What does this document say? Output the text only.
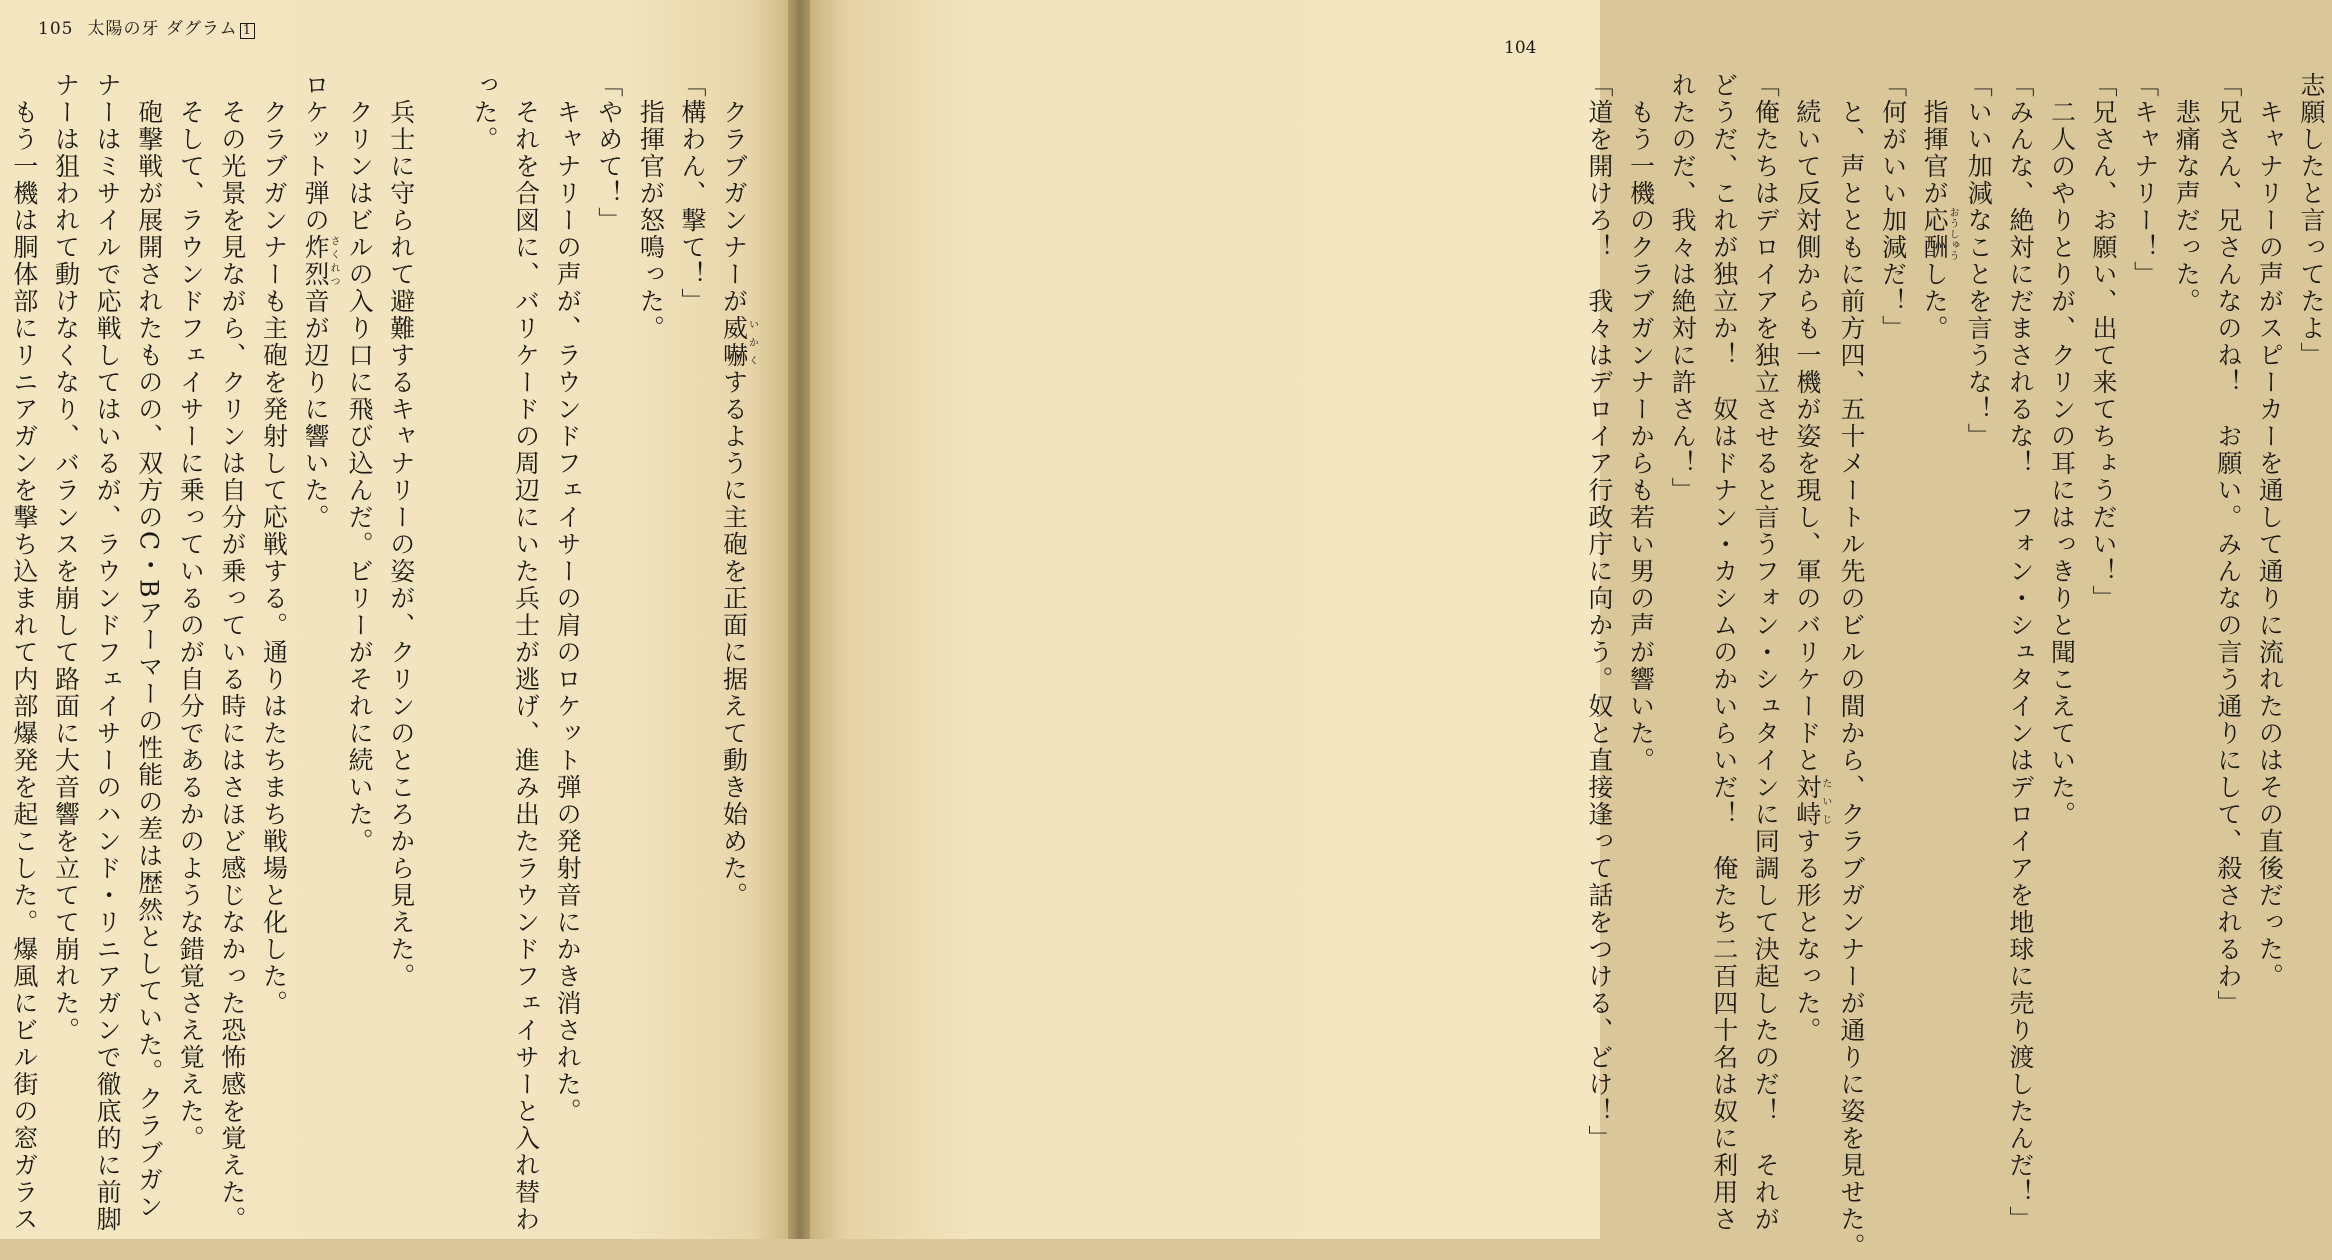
105 太陽の牙 ダグラム 1
　クラブガンナーが威嚇いかくするように主砲を正面に据えて動き始めた。
「構わん、撃て！」
　指揮官が怒鳴った。
「やめて！」
　キャナリーの声が、ラウンドフェイサーの肩のロケット弾の発射音にかき消された。
　それを合図に、バリケードの周辺にいた兵士が逃げ、進み出たラウンドフェイサーと入れ替わ
った。

　兵士に守られて避難するキャナリーの姿が、クリンのところから見えた。
　クリンはビルの入り口に飛び込んだ。ビリーがそれに続いた。
ロケット弾の炸烈さくれつ音が辺りに響いた。
　クラブガンナーも主砲を発射して応戦する。通りはたちまち戦場と化した。
　その光景を見ながら、クリンは自分が乗っている時にはさほど感じなかった恐怖感を覚えた。
　そして、ラウンドフェイサーに乗っているのが自分であるかのような錯覚さえ覚えた。
　砲撃戦が展開されたものの、双方のC・Bアーマーの性能の差は歴然としていた。クラブガン
ナーはミサイルで応戦してはいるが、ラウンドフェイサーのハンド・リニアガンで徹底的に前脚
ナーは狙われて動けなくなり、バランスを崩して路面に大音響を立てて崩れた。
　もう一機は胴体部にリニアガンを撃ち込まれて内部爆発を起こした。爆風にビル街の窓ガラス	志願したと言ってたよ」
　キャナリーの声がスピーカーを通して通りに流れたのはその直後だった。
「兄さん、兄さんなのね！　お願い。みんなの言う通りにして、殺されるわ」
　悲痛な声だった。
「キャナリー！」
「兄さん、お願い、出て来てちょうだい！」
　二人のやりとりが、クリンの耳にはっきりと聞こえていた。
「みんな、絶対にだまされるな！　フォン・シュタインはデロイアを地球に売り渡したんだ！」
「いい加減なことを言うな！」
　指揮官が応酬おうしゅうした。
「何がいい加減だ！」
　と、声とともに前方四、五十メートル先のビルの間から、クラブガンナーが通りに姿を見せた。
　続いて反対側からも一機が姿を現し、軍のバリケードと対峙たいじする形となった。
「俺たちはデロイアを独立させると言うフォン・シュタインに同調して決起したのだ！　それが
どうだ、これが独立か！　奴はドナン・カシムのかいらいだ！　俺たち二百四十名は奴に利用さ
れたのだ、我々は絶対に許さん！」
　もう一機のクラブガンナーからも若い男の声が響いた。
「道を開けろ！　我々はデロイア行政庁に向かう。奴と直接逢って話をつける、どけ！」
104
